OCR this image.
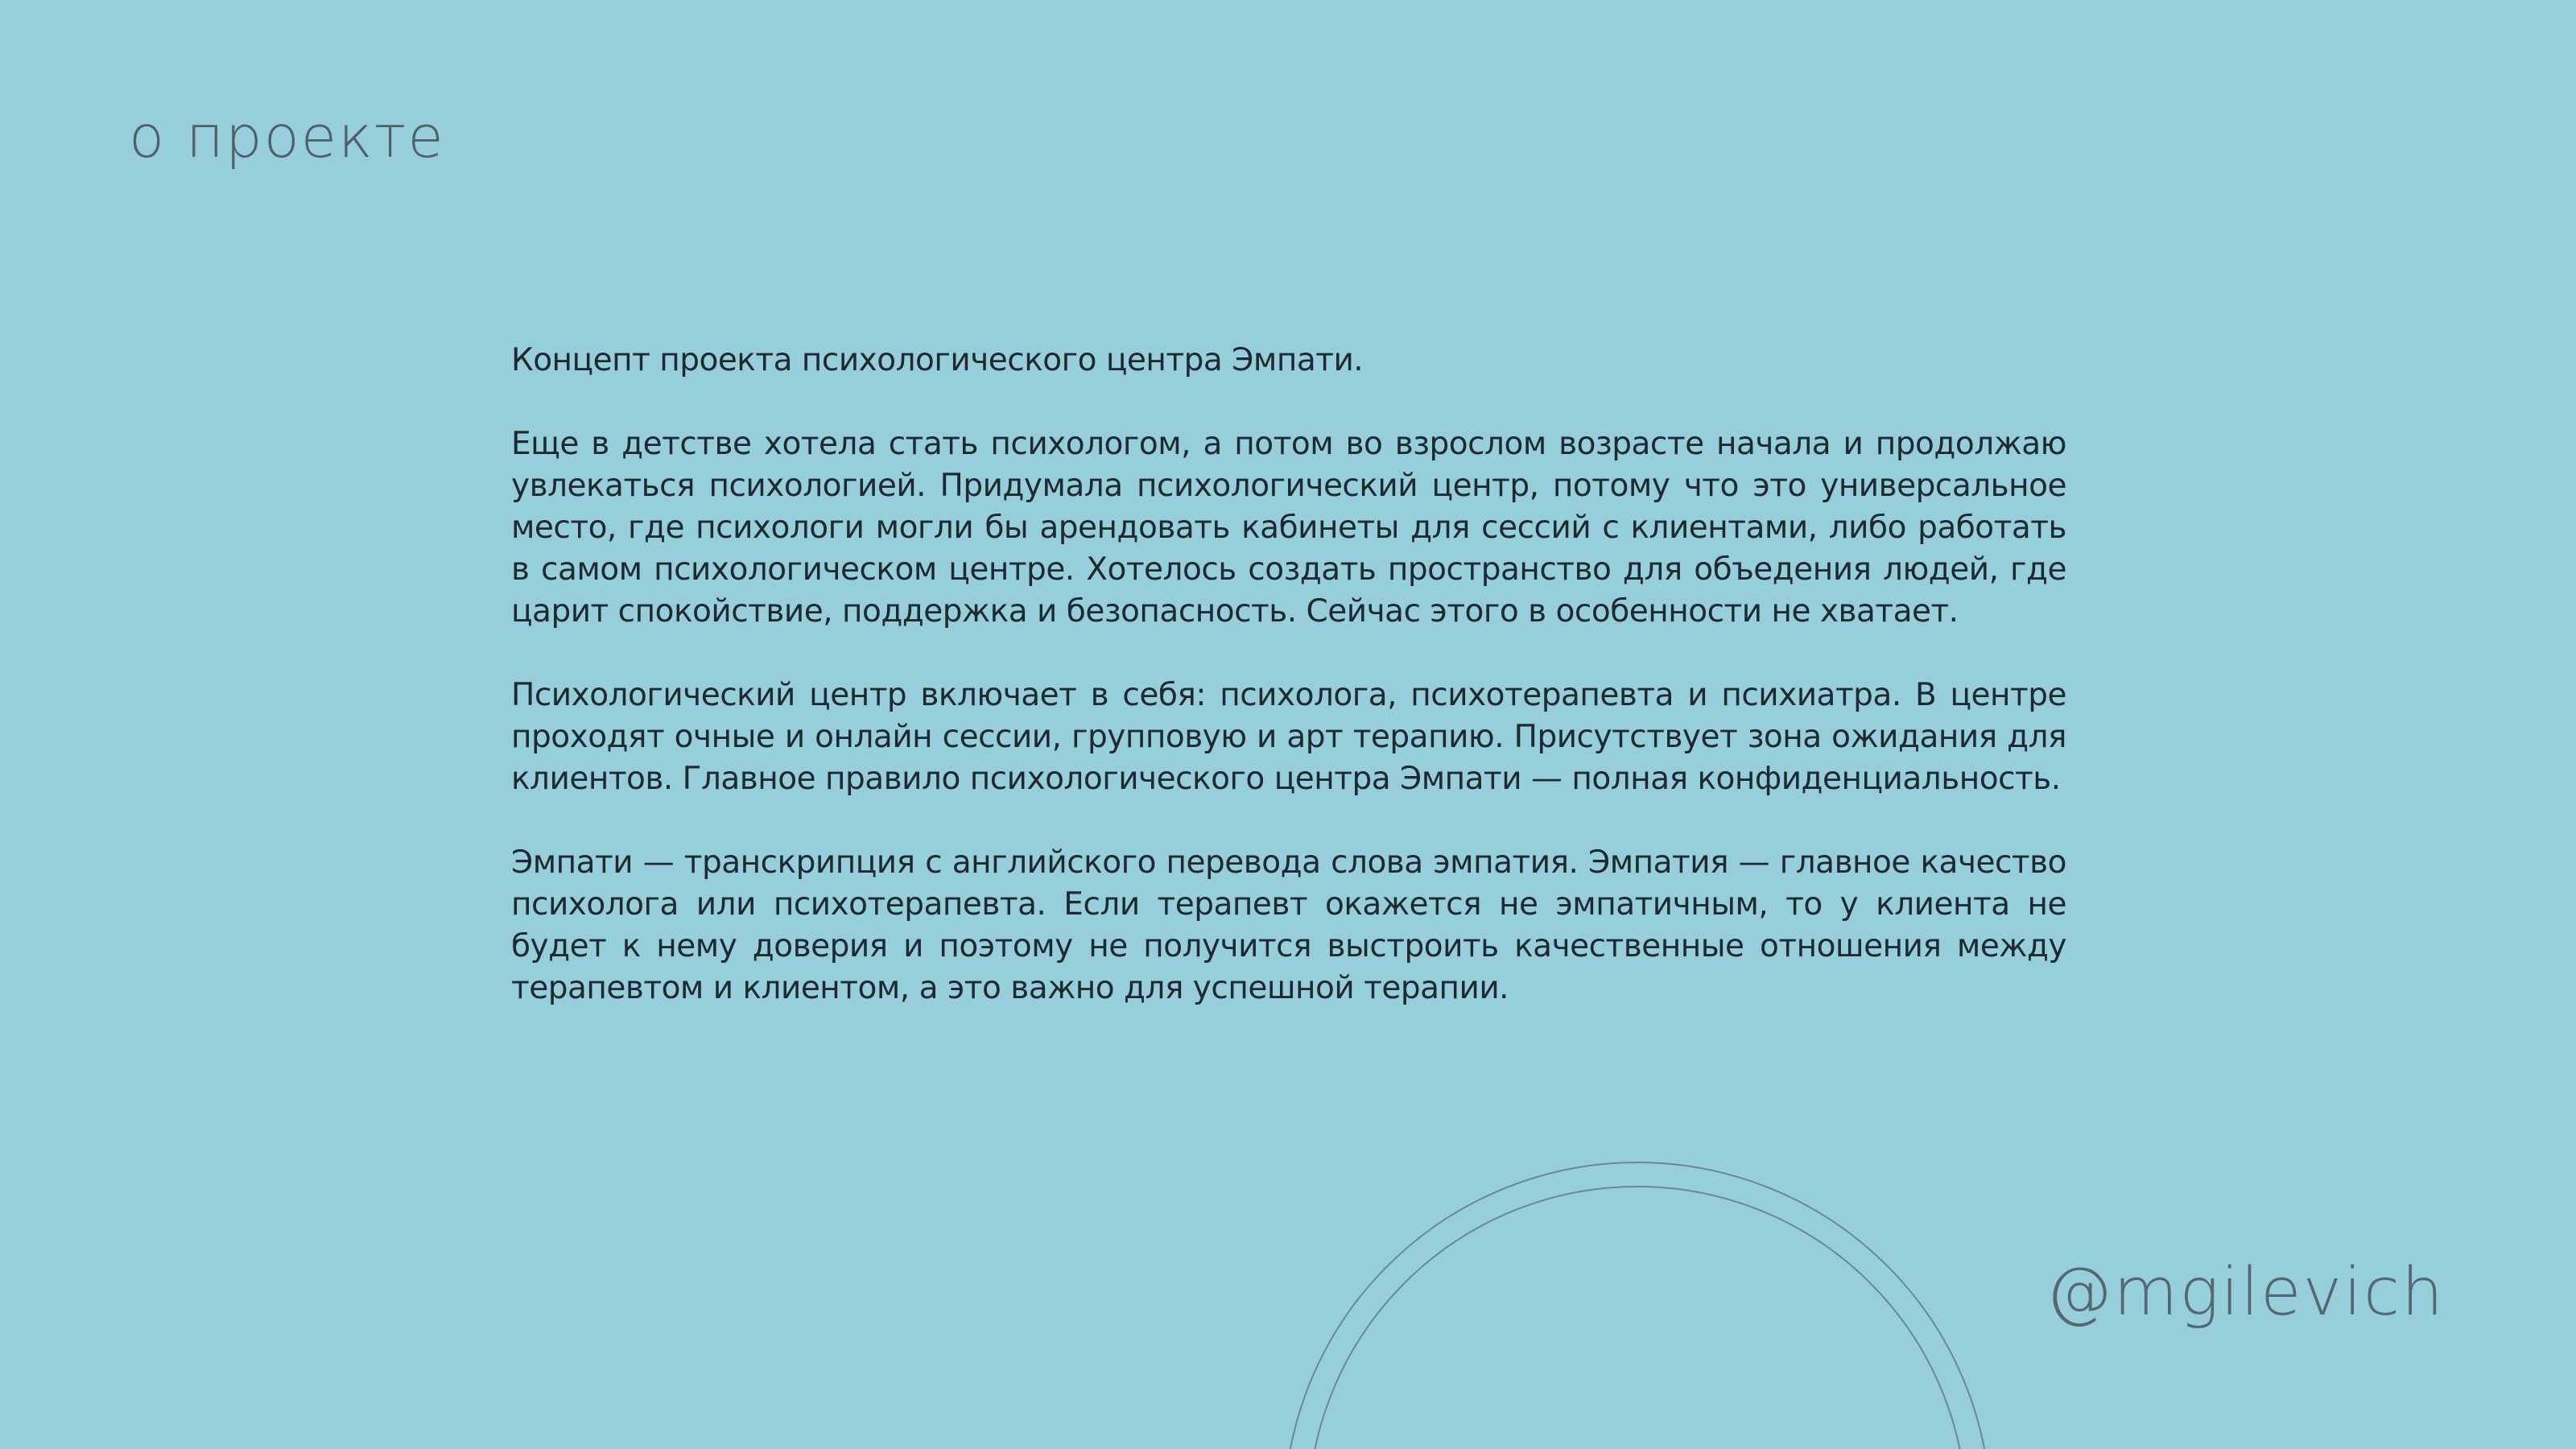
о проекте

Концепт проекта психологического центра Эмпати.

Еще в детстве хотела стать психологом, а потом во взрослом возрасте начала и продолжаю увлекаться психологией. Придумала психологический центр, потому что это универсальное место, где психологи могли бы арендовать кабинеты для сессий с клиентами, либо работать в самом психологическом центре. Хотелось создать пространство для объедения людей, где царит спокойствие, поддержка и безопасность. Сейчас этого в особенности не хватает.

Психологический центр включает в себя: психолога, психотерапевта и психиатра. В центре проходят очные и онлайн сессии, групповую и арт терапию. Присутствует зона ожидания для клиентов. Главное правило психологического центра Эмпати — полная конфиденциальность.

Эмпати — транскрипция с английского перевода слова эмпатия. Эмпатия — главное качество психолога или психотерапевта. Если терапевт окажется не эмпатичным, то у клиента не будет к нему доверия и поэтому не получится выстроить качественные отношения между терапевтом и клиентом, а это важно для успешной терапии.

@mgilevich
